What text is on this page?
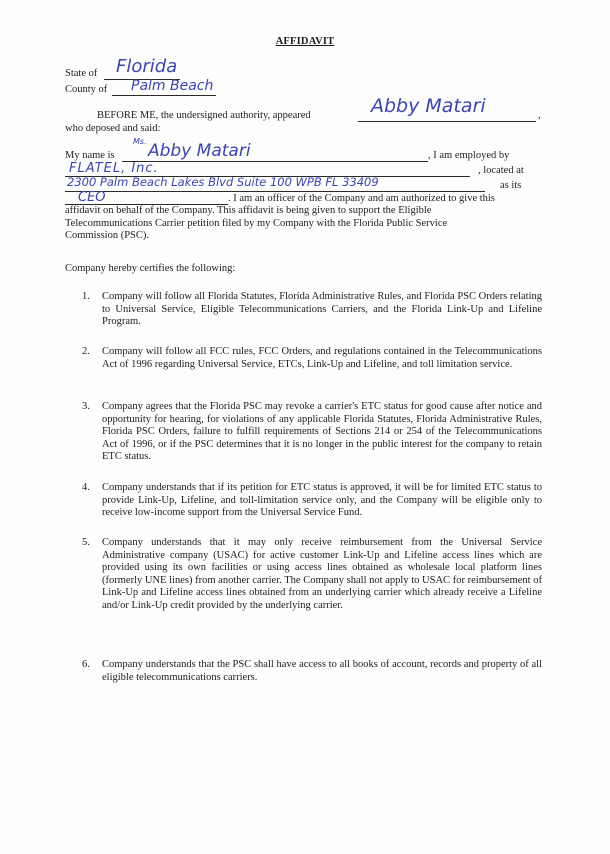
AFFIDAVIT
State of Florida
County of Palm Beach
BEFORE ME, the undersigned authority, appeared	Abby Matari	,
who deposed and said:
My name is
Ms. Abby Matari	, I am employed by
FLATEL, Inc.	, located at
2300 Palm Beach Lakes Blvd Suite 100 WPB FL 33409	as its
CEO	. I am an officer of the Company and am authorized to give this
affidavit on behalf of the Company. This affidavit is being given to support the Eligible
Telecommunications Carrier petition filed by my Company with the Florida Public Service
Commission (PSC).
Company hereby certifies the following:
1. Company will follow all Florida Statutes, Florida Administrative Rules, and Florida PSC Orders relating to Universal Service, Eligible Telecommunications Carriers, and the Florida Link-Up and Lifeline Program.
2. Company will follow all FCC rules, FCC Orders, and regulations contained in the Telecommunications Act of 1996 regarding Universal Service, ETCs, Link-Up and Lifeline, and toll limitation service.
3. Company agrees that the Florida PSC may revoke a carrier's ETC status for good cause after notice and opportunity for hearing, for violations of any applicable Florida Statutes, Florida Administrative Rules, Florida PSC Orders, failure to fulfill requirements of Sections 214 or 254 of the Telecommunications Act of 1996, or if the PSC determines that it is no longer in the public interest for the company to retain ETC status.
4. Company understands that if its petition for ETC status is approved, it will be for limited ETC status to provide Link-Up, Lifeline, and toll-limitation service only, and the Company will be eligible only to receive low-income support from the Universal Service Fund.
5. Company understands that it may only receive reimbursement from the Universal Service Administrative company (USAC) for active customer Link-Up and Lifeline access lines which are provided using its own facilities or using access lines obtained as wholesale local platform lines (formerly UNE lines) from another carrier. The Company shall not apply to USAC for reimbursement of Link-Up and Lifeline access lines obtained from an underlying carrier which already receive a Lifeline and/or Link-Up credit provided by the underlying carrier.
6. Company understands that the PSC shall have access to all books of account, records and property of all eligible telecommunications carriers.
